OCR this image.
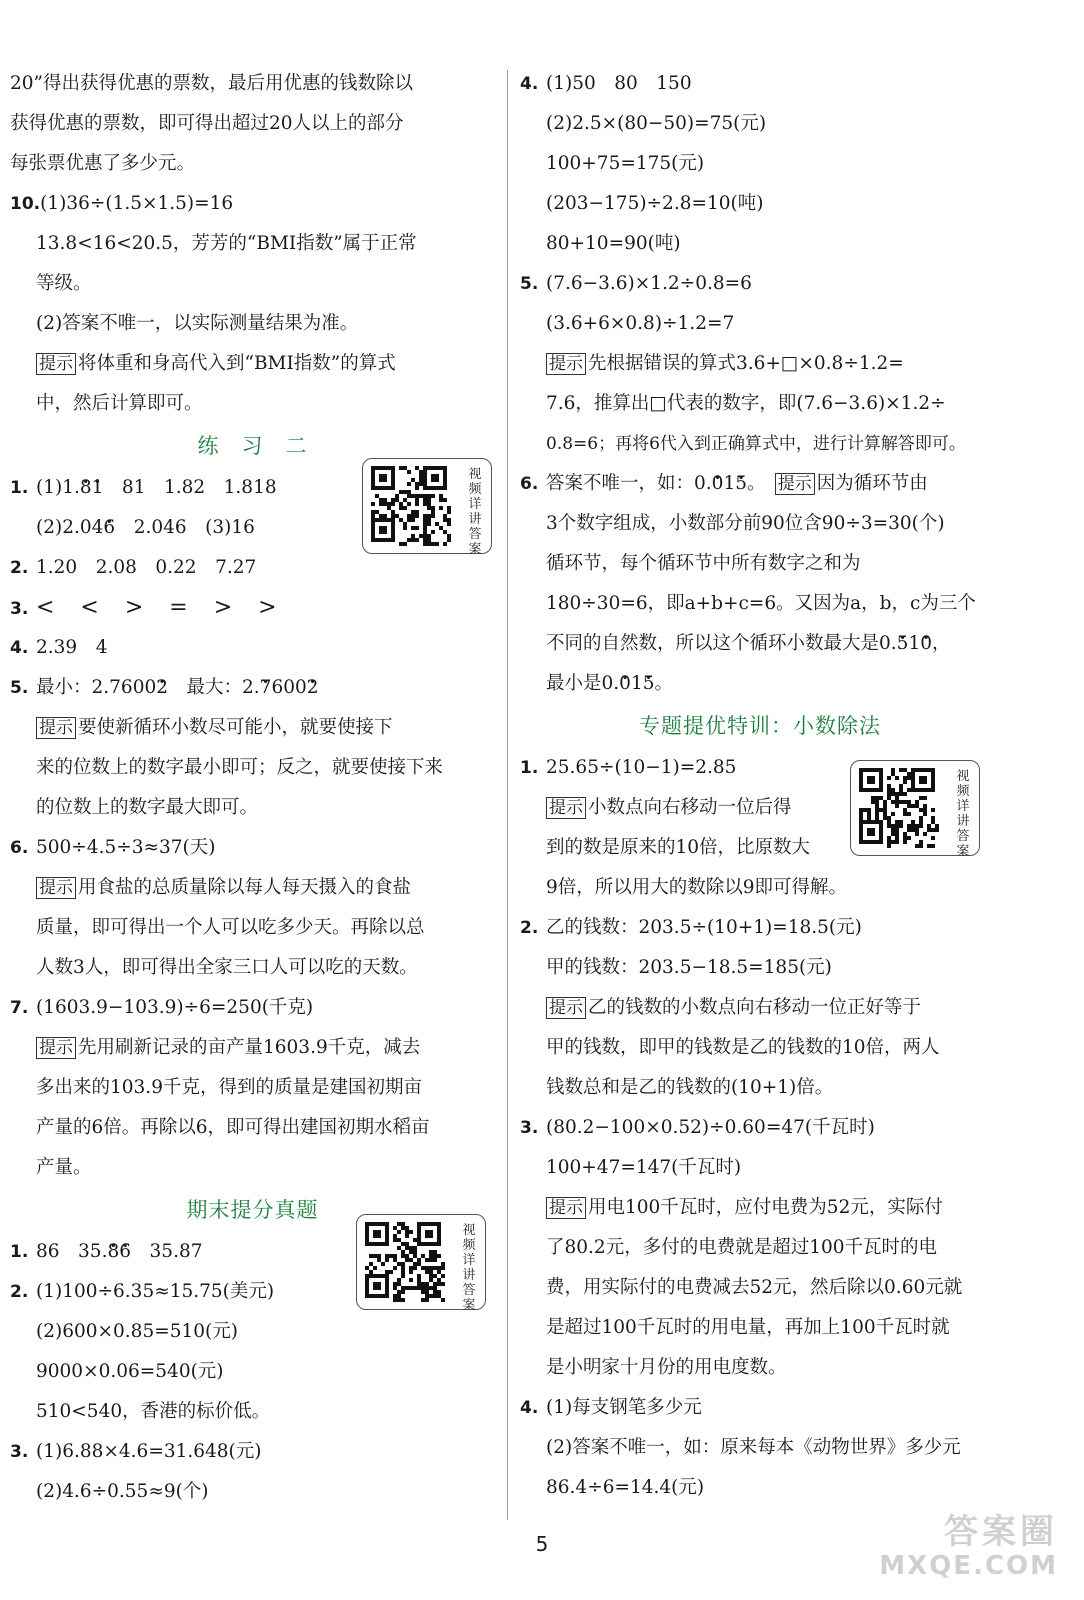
20”得出获得优惠的票数，最后用优惠的钱数除以
获得优惠的票数，即可得出超过20人以上的部分
每张票优惠了多少元。
10.(1)36÷(1.5×1.5)=16
13.8<16<20.5，芳芳的“BMI指数”属于正常
等级。
(2)答案不唯一，以实际测量结果为准。
提示 将体重和身高代入到“BMI指数”的算式
中，然后计算即可。
练　习　二
1. (1)1.· 8· 1　81　1.82　1.818
(2)2.04· 6　2.046　(3)16
2. 1.20　2.08　0.22　7.27
3. <　<　>　=　>　>
4. 2.39　4
5. 最小：2.7600· 2　最大：2.· 7600· 2
提示 要使新循环小数尽可能小，就要使接下
来的位数上的数字最小即可；反之，就要使接下来
的位数上的数字最大即可。
6. 500÷4.5÷3≈37(天)
提示 用食盐的总质量除以每人每天摄入的食盐
质量，即可得出一个人可以吃多少天。再除以总
人数3人，即可得出全家三口人可以吃的天数。
7. (1603.9−103.9)÷6=250(千克)
提示 先用刷新记录的亩产量1603.9千克，减去
多出来的103.9千克，得到的质量是建国初期亩
产量的6倍。再除以6，即可得出建国初期水稻亩
产量。
期末提分真题
1. 86　35.· 8· 6　35.87
2. (1)100÷6.35≈15.75(美元)
(2)600×0.85=510(元)
9000×0.06=540(元)
510<540，香港的标价低。
3. (1)6.88×4.6=31.648(元)
(2)4.6÷0.55≈9(个)
4. (1)50　80　150
(2)2.5×(80−50)=75(元)
100+75=175(元)
(203−175)÷2.8=10(吨)
80+10=90(吨)
5. (7.6−3.6)×1.2÷0.8=6
(3.6+6×0.8)÷1.2=7
提示 先根据错误的算式3.6+□×0.8÷1.2=
7.6，推算出□代表的数字，即(7.6−3.6)×1.2÷
0.8=6；再将6代入到正确算式中，进行计算解答即可。
6. 答案不唯一，如：0.· 01· 5。　 提示 因为循环节由
3个数字组成，小数部分前90位含90÷3=30(个)
循环节，每个循环节中所有数字之和为
180÷30=6，即a+b+c=6。又因为a，b，c为三个
不同的自然数，所以这个循环小数最大是0.· 51· 0，
最小是0.· 01· 5。
专题提优特训：小数除法
1. 25.65÷(10−1)=2.85
提示 小数点向右移动一位后得
到的数是原来的10倍，比原数大
9倍，所以用大的数除以9即可得解。
2. 乙的钱数：203.5÷(10+1)=18.5(元)
甲的钱数：203.5−18.5=185(元)
提示 乙的钱数的小数点向右移动一位正好等于
甲的钱数，即甲的钱数是乙的钱数的10倍，两人
钱数总和是乙的钱数的(10+1)倍。
3. (80.2−100×0.52)÷0.60=47(千瓦时)
100+47=147(千瓦时)
提示 用电100千瓦时，应付电费为52元，实际付
了80.2元，多付的电费就是超过100千瓦时的电
费，用实际付的电费减去52元，然后除以0.60元就
是超过100千瓦时的用电量，再加上100千瓦时就
是小明家十月份的用电度数。
4. (1)每支钢笔多少元
(2)答案不唯一，如：原来每本《动物世界》多少元
86.4÷6=14.4(元)
视频详讲答案
视频详讲答案
视频详讲答案
5	答案圈
MXQE.COM
